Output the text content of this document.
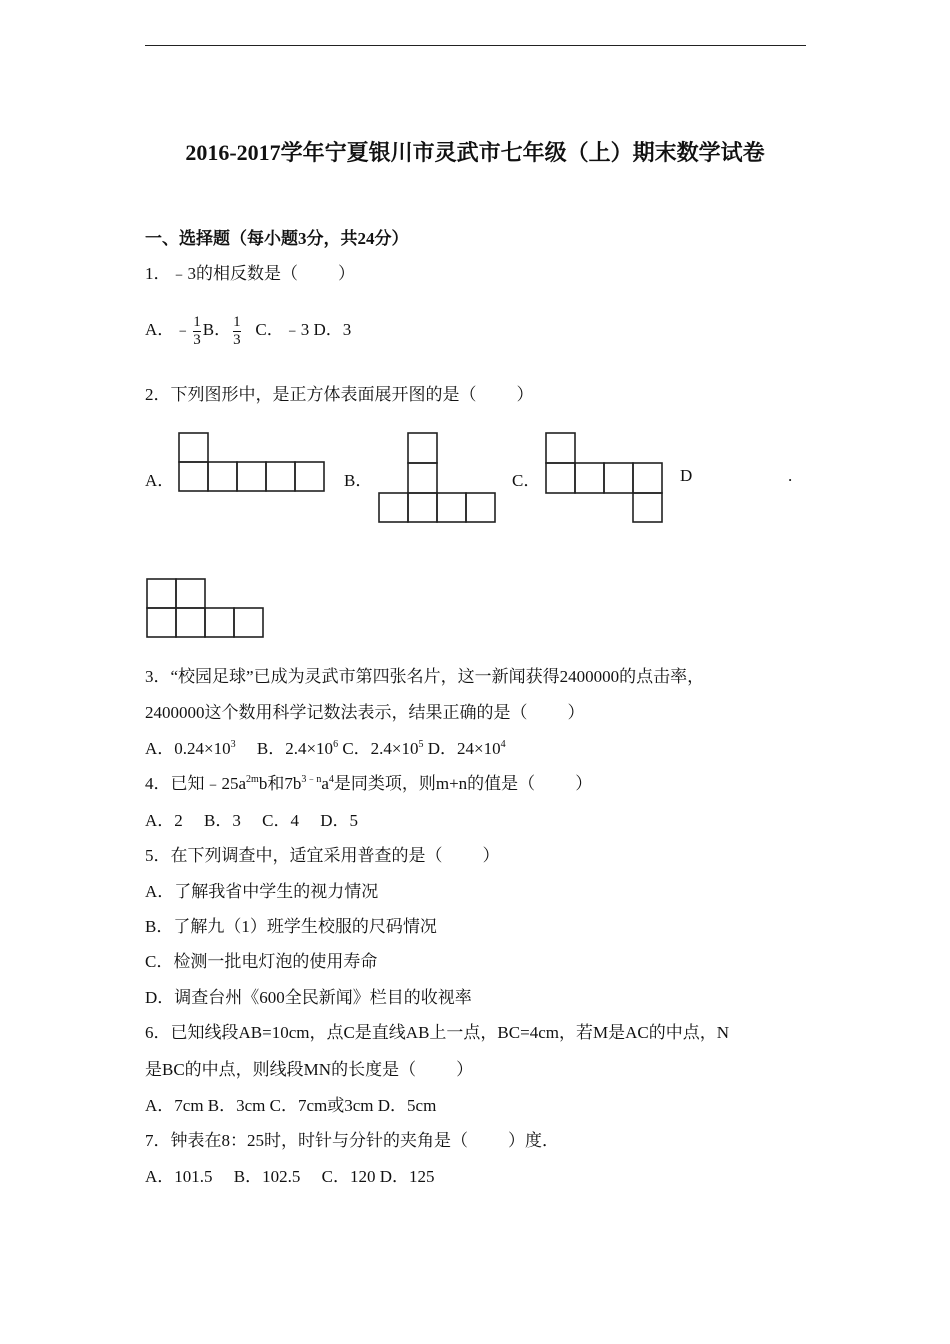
2016-2017学年宁夏银川市灵武市七年级（上）期末数学试卷
一、选择题（每小题3分，共24分）
1．﹣3的相反数是（ ）
A．﹣ $\frac{1}{3}$ B． $\frac{1}{3}$ C．﹣3 D．3
2．下列图形中，是正方体表面展开图的是（ ）
A．	B．	C．	D	.
3．“校园足球”已成为灵武市第四张名片，这一新闻获得2400000的点击率，
2400000这个数用科学记数法表示，结果正确的是（ ）
A．$0.24\times 10^3$ B．$2.4\times 10^6$ C．$2.4\times 10^5$ D．$24\times 10^4$
4．已知$﹣25a^{2m}b$和$7b^{3﹣n}a^4$是同类项，则m+n的值是（ ）
A．2　 B．3　 C．4　 D．5
5．在下列调查中，适宜采用普查的是（ ）
A．了解我省中学生的视力情况
B．了解九（1）班学生校服的尺码情况
C．检测一批电灯泡的使用寿命
D．调查台州《600全民新闻》栏目的收视率
6．已知线段AB=10cm，点C是直线AB上一点，BC=4cm，若M是AC的中点，N
是BC的中点，则线段MN的长度是（ ）
A．7cm B．3cm C．7cm或3cm D．5cm
7．钟表在8：25时，时针与分针的夹角是（ ）度．
A．101.5　 B．102.5　 C．120 D．125
